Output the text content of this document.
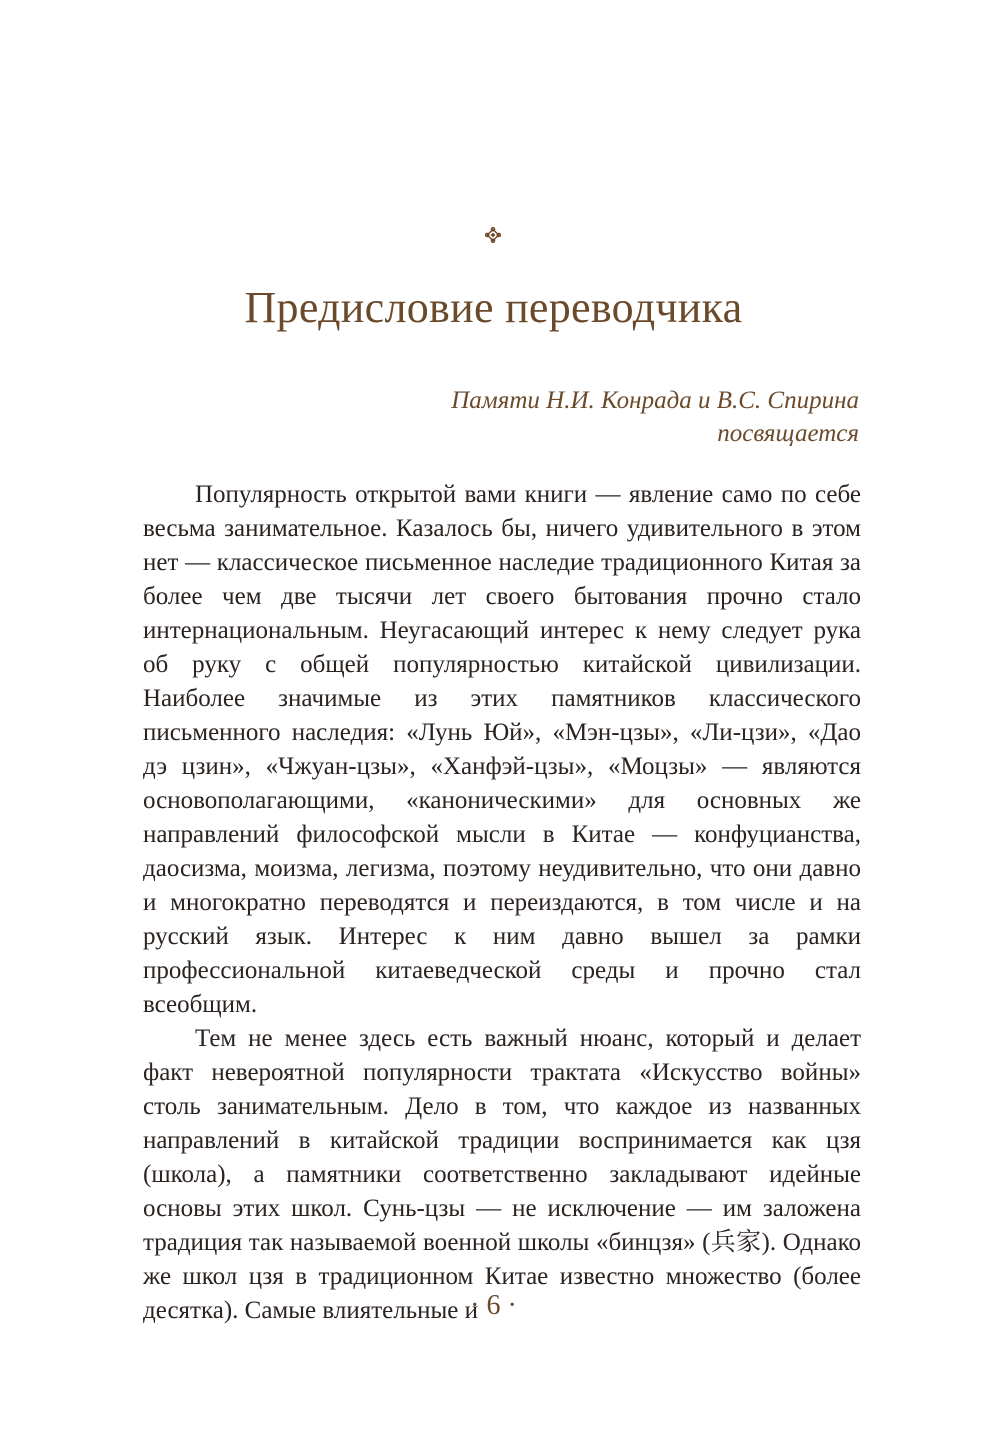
Предисловие переводчика
Памяти Н.И. Конрада и В.С. Спирина
посвящается

Популярность открытой вами книги — явление само по себе весьма занимательное. Казалось бы, ничего удивительного в этом нет — классическое письменное наследие традиционного Китая за более чем две тысячи лет своего бытования прочно стало интернациональным. Неугасающий интерес к нему следует рука об руку с общей популярностью китайской цивилизации. Наиболее значимые из этих памятников классического письменного наследия: «Лунь Юй», «Мэн-цзы», «Ли-цзи», «Дао дэ цзин», «Чжуан-цзы», «Ханфэй-цзы», «Моцзы» — являются основополагающими, «каноническими» для основных же направлений философской мысли в Китае — конфуцианства, даосизма, моизма, легизма, поэтому неудивительно, что они давно и многократно переводятся и переиздаются, в том числе и на русский язык. Интерес к ним давно вышел за рамки профессиональной китаеведческой среды и прочно стал всеобщим.

Тем не менее здесь есть важный нюанс, который и делает факт невероятной популярности трактата «Искусство войны» столь занимательным. Дело в том, что каждое из названных направлений в китайской традиции воспринимается как цзя (школа), а памятники соответственно закладывают идейные основы этих школ. Сунь-цзы — не исключение — им заложена традиция так называемой военной школы «бинцзя» (兵家). Однако же школ цзя в традиционном Китае известно множество (более десятка). Самые влиятельные и

· 6 ·
